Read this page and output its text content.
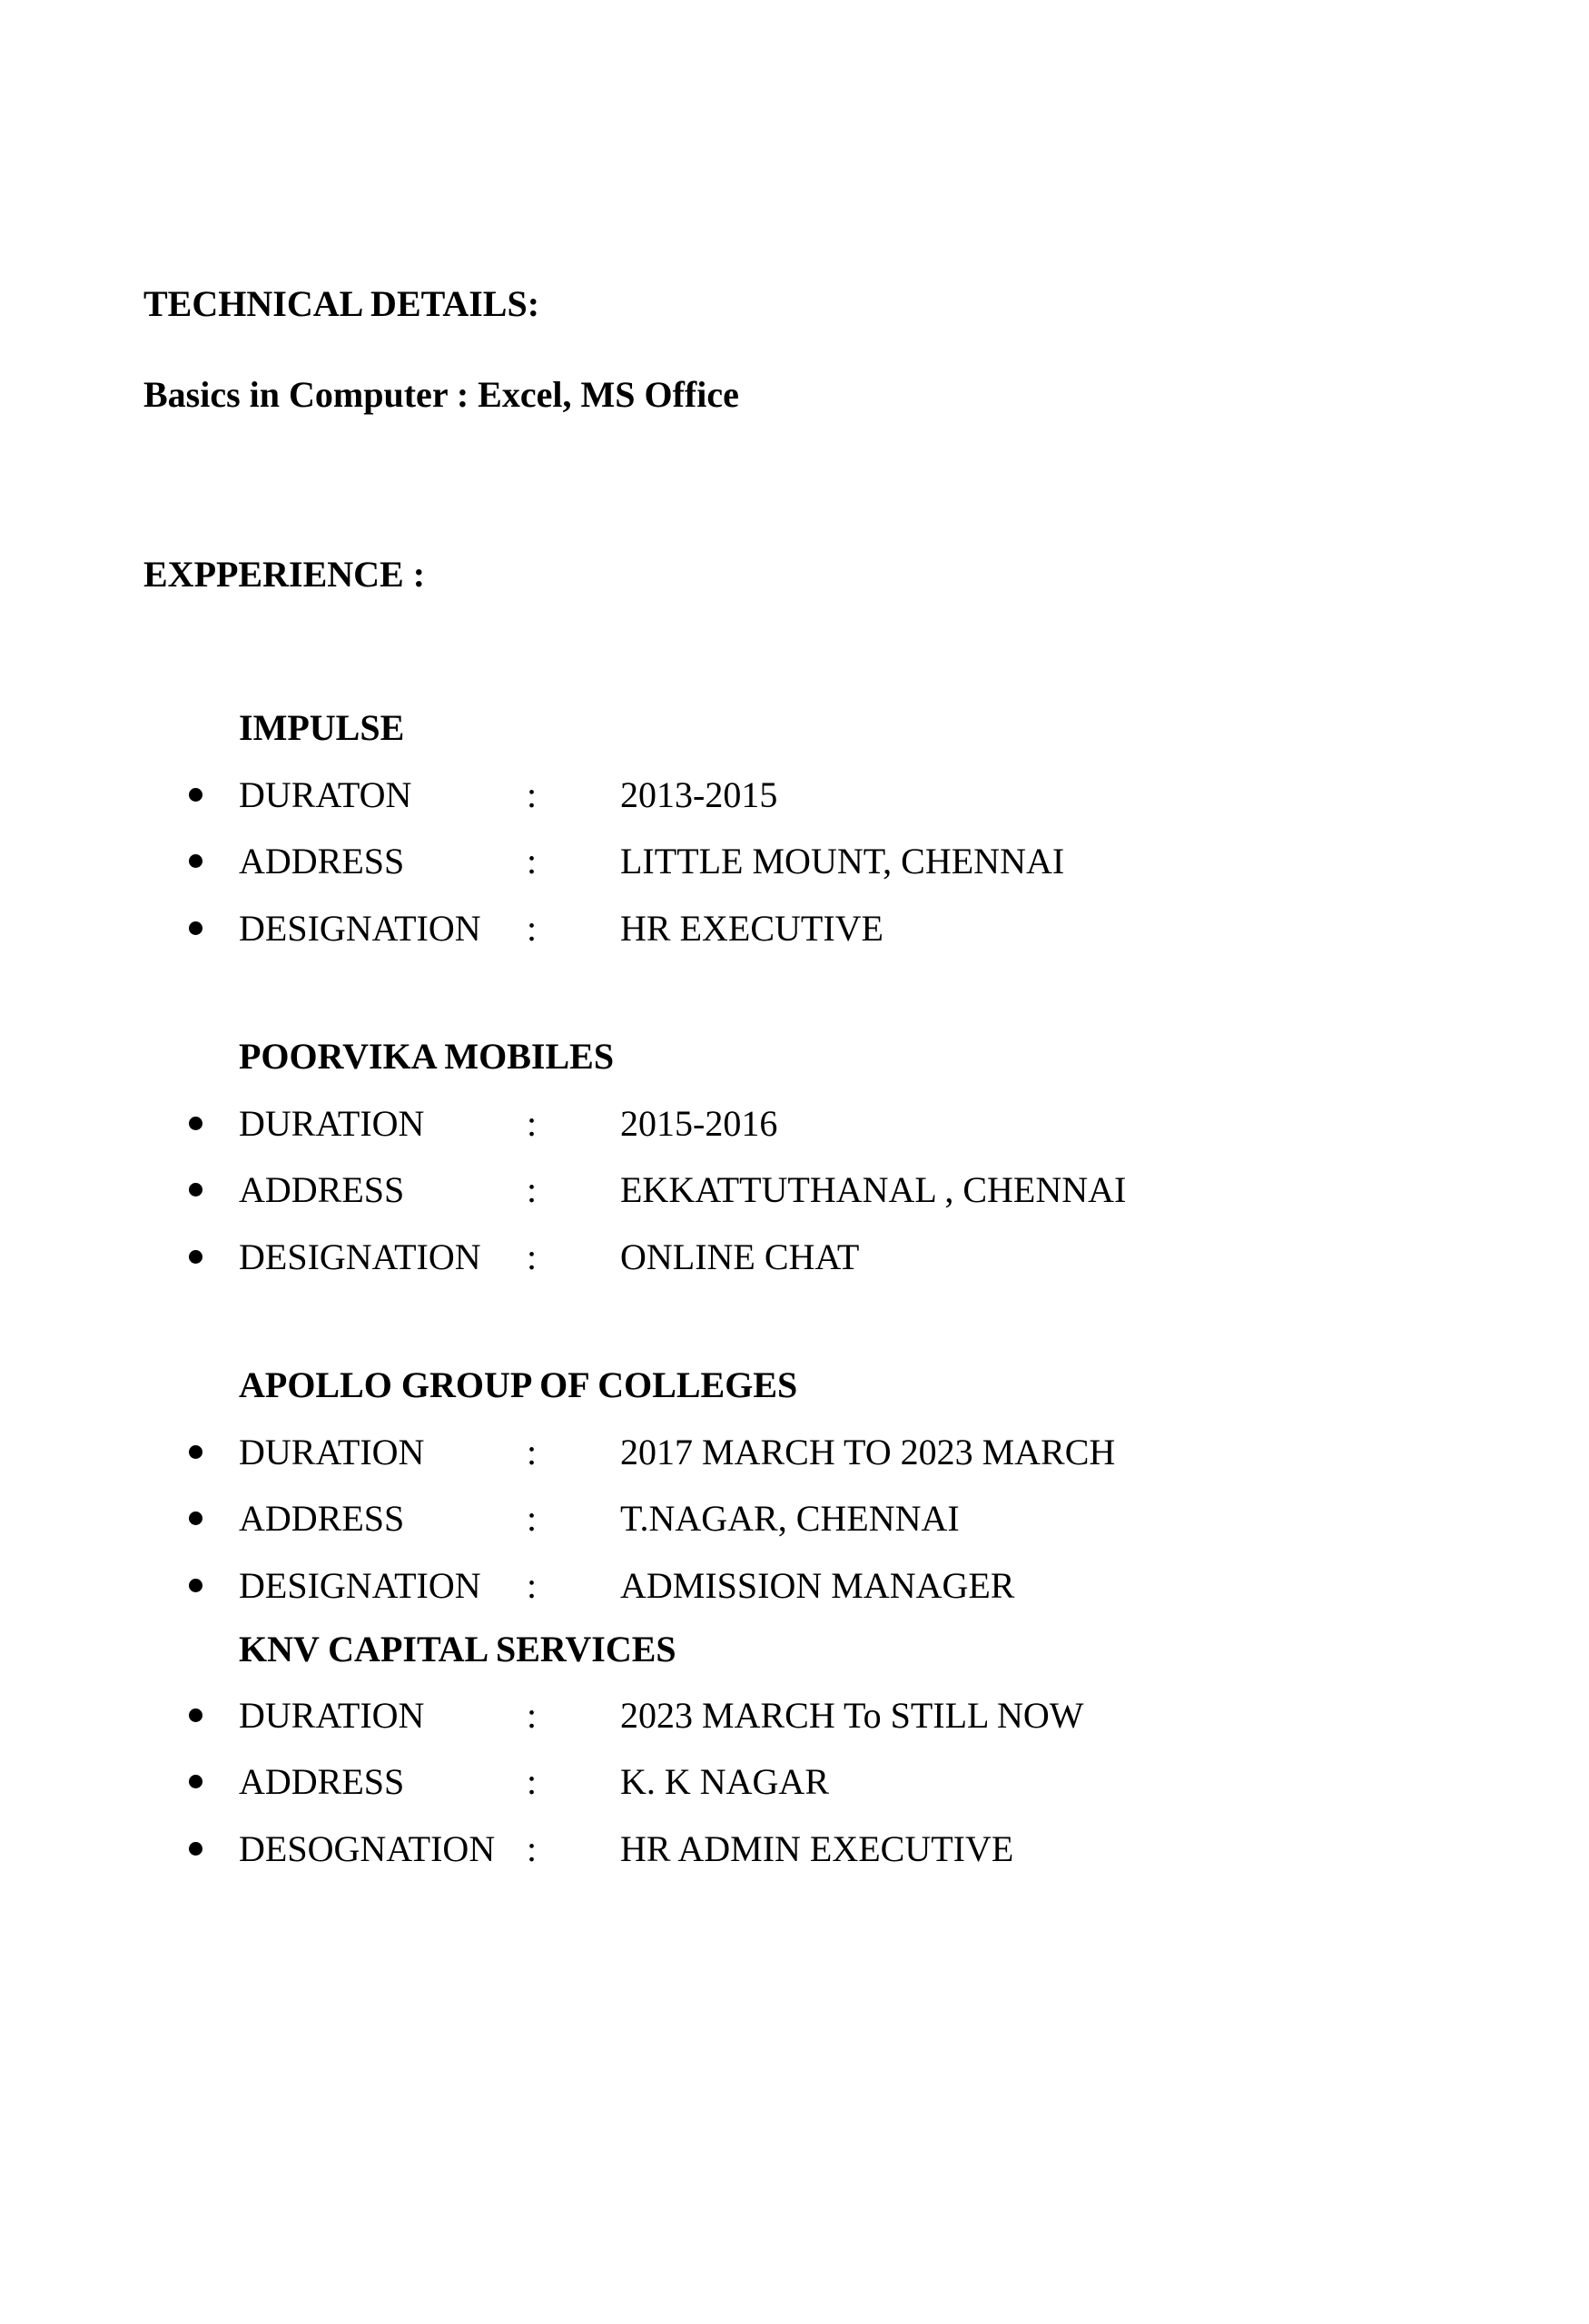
TECHNICAL DETAILS:
Basics in Computer : Excel, MS Office
EXPPERIENCE :
IMPULSE
DURATON	: 2013-2015
ADDRESS	: LITTLE MOUNT, CHENNAI
DESIGNATION : HR EXECUTIVE
POORVIKA MOBILES
DURATION	: 2015-2016
ADDRESS	: EKKATTUTHANAL , CHENNAI
DESIGNATION : ONLINE CHAT
APOLLO GROUP OF COLLEGES
DURATION	: 2017 MARCH TO 2023 MARCH
ADDRESS	: T.NAGAR, CHENNAI
DESIGNATION : ADMISSION MANAGER
KNV CAPITAL SERVICES
DURATION	: 2023 MARCH To STILL NOW
ADDRESS	: K. K NAGAR
DESOGNATION : HR ADMIN EXECUTIVE
